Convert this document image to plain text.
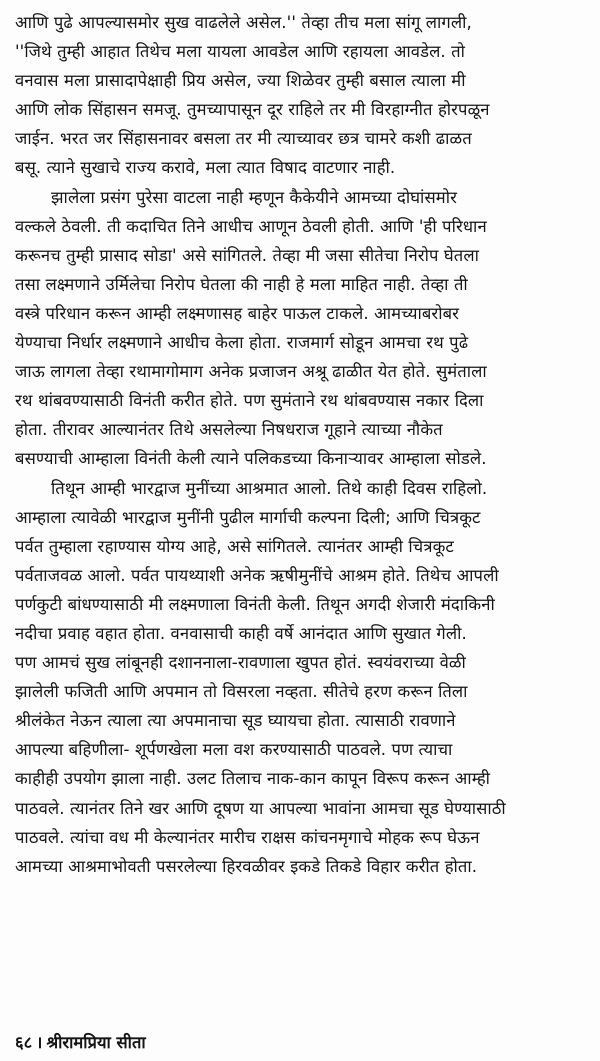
आणि पुढे आपल्यासमोर सुख वाढलेले असेल.'' तेव्हा तीच मला सांगू लागली,
''जिथे तुम्ही आहात तिथेच मला यायला आवडेल आणि रहायला आवडेल. तो
वनवास मला प्रासादापेक्षाही प्रिय असेल, ज्या शिळेवर तुम्ही बसाल त्याला मी
आणि लोक सिंहासन समजू. तुमच्यापासून दूर राहिले तर मी विरहाग्नीत होरपळून
जाईन. भरत जर सिंहासनावर बसला तर मी त्याच्यावर छत्र चामरे कशी ढाळत
बसू. त्याने सुखाचे राज्य करावे, मला त्यात विषाद वाटणार नाही.
झालेला प्रसंग पुरेसा वाटला नाही म्हणून कैकेयीने आमच्या दोघांसमोर
वल्कले ठेवली. ती कदाचित तिने आधीच आणून ठेवली होती. आणि 'ही परिधान
करूनच तुम्ही प्रासाद सोडा' असे सांगितले. तेव्हा मी जसा सीतेचा निरोप घेतला
तसा लक्ष्मणाने उर्मिलेचा निरोप घेतला की नाही हे मला माहित नाही. तेव्हा ती
वस्त्रे परिधान करून आम्ही लक्ष्मणासह बाहेर पाऊल टाकले. आमच्याबरोबर
येण्याचा निर्धार लक्ष्मणाने आधीच केला होता. राजमार्ग सोडून आमचा रथ पुढे
जाऊ लागला तेव्हा रथामागोमाग अनेक प्रजाजन अश्रू ढाळीत येत होते. सुमंताला
रथ थांबवण्यासाठी विनंती करीत होते. पण सुमंताने रथ थांबवण्यास नकार दिला
होता. तीरावर आल्यानंतर तिथे असलेल्या निषधराज गूहाने त्याच्या नौकेत
बसण्याची आम्हाला विनंती केली त्याने पलिकडच्या किनाऱ्यावर आम्हाला सोडले.
तिथून आम्ही भारद्वाज मुनींच्या आश्रमात आलो. तिथे काही दिवस राहिलो.
आम्हाला त्यावेळी भारद्वाज मुनींनी पुढील मार्गाची कल्पना दिली; आणि चित्रकूट
पर्वत तुम्हाला रहाण्यास योग्य आहे, असे सांगितले. त्यानंतर आम्ही चित्रकूट
पर्वताजवळ आलो. पर्वत पायथ्याशी अनेक ऋषीमुनींचे आश्रम होते. तिथेच आपली
पर्णकुटी बांधण्यासाठी मी लक्ष्मणाला विनंती केली. तिथून अगदी शेजारी मंदाकिनी
नदीचा प्रवाह वहात होता. वनवासाची काही वर्षे आनंदात आणि सुखात गेली.
पण आमचं सुख लांबूनही दशाननाला-रावणाला खुपत होतं. स्वयंवराच्या वेळी
झालेली फजिती आणि अपमान तो विसरला नव्हता. सीतेचे हरण करून तिला
श्रीलंकेत नेऊन त्याला त्या अपमानाचा सूड घ्यायचा होता. त्यासाठी रावणाने
आपल्या बहिणीला- शूर्पणखेला मला वश करण्यासाठी पाठवले. पण त्याचा
काहीही उपयोग झाला नाही. उलट तिलाच नाक-कान कापून विरूप करून आम्ही
पाठवले. त्यानंतर तिने खर आणि दूषण या आपल्या भावांना आमचा सूड घेण्यासाठी
पाठवले. त्यांचा वध मी केल्यानंतर मारीच राक्षस कांचनमृगाचे मोहक रूप घेऊन
आमच्या आश्रमाभोवती पसरलेल्या हिरवळीवर इकडे तिकडे विहार करीत होता.
६८ । श्रीरामप्रिया सीता
